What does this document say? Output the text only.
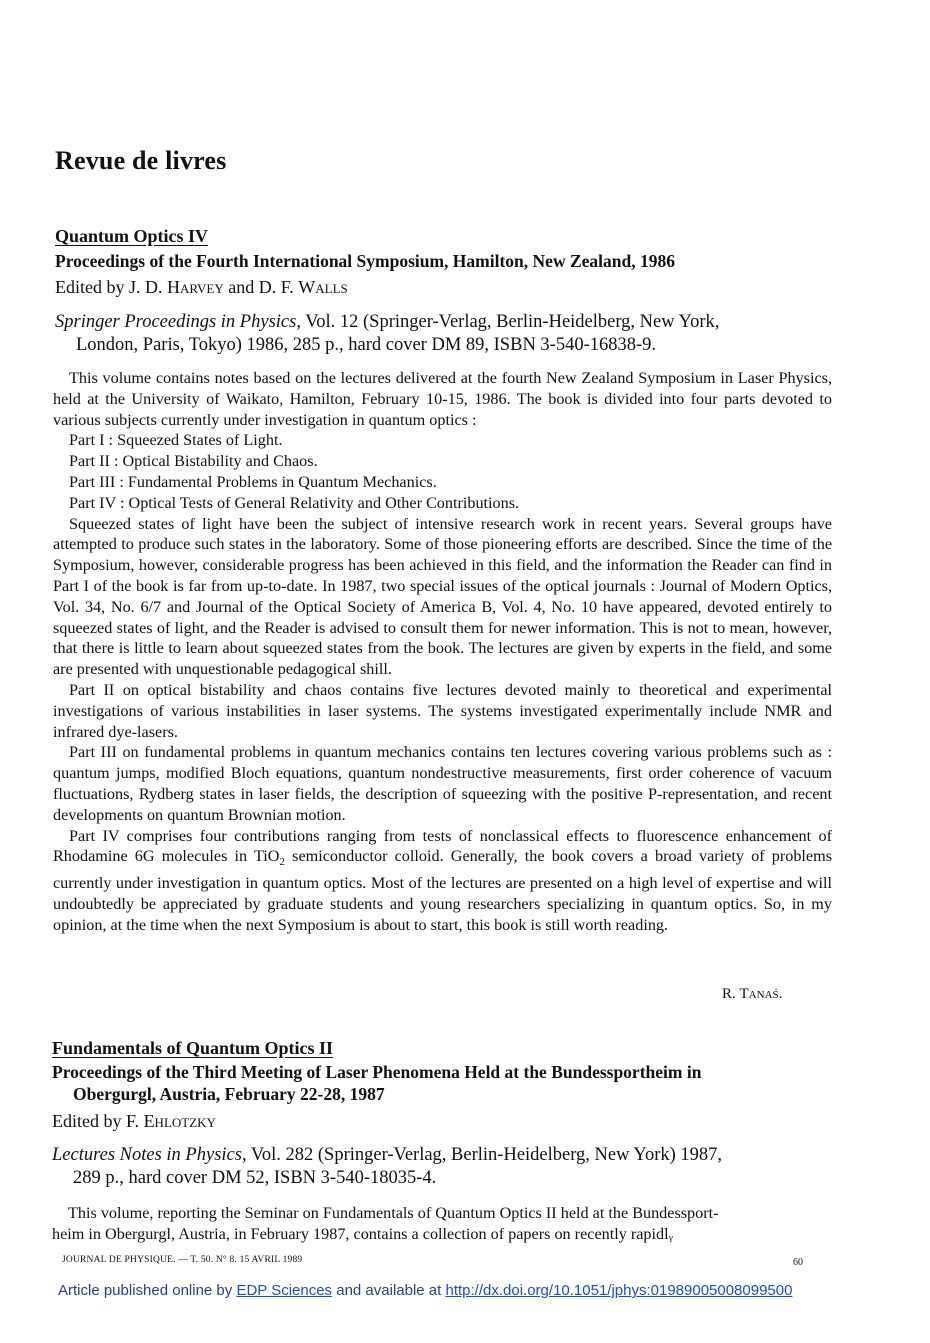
Revue de livres
Quantum Optics IV
Proceedings of the Fourth International Symposium, Hamilton, New Zealand, 1986
Edited by J. D. Harvey and D. F. Walls
Springer Proceedings in Physics, Vol. 12 (Springer-Verlag, Berlin-Heidelberg, New York,
London, Paris, Tokyo) 1986, 285 p., hard cover DM 89, ISBN 3-540-16838-9.

This volume contains notes based on the lectures delivered at the fourth New Zealand Symposium in Laser Physics, held at the University of Waikato, Hamilton, February 10-15, 1986. The book is divided into four parts devoted to various subjects currently under investigation in quantum optics :

Part I : Squeezed States of Light.

Part II : Optical Bistability and Chaos.

Part III : Fundamental Problems in Quantum Mechanics.

Part IV : Optical Tests of General Relativity and Other Contributions.

Squeezed states of light have been the subject of intensive research work in recent years. Several groups have attempted to produce such states in the laboratory. Some of those pioneering efforts are described. Since the time of the Symposium, however, considerable progress has been achieved in this field, and the information the Reader can find in Part I of the book is far from up-to-date. In 1987, two special issues of the optical journals : Journal of Modern Optics, Vol. 34, No. 6/7 and Journal of the Optical Society of America B, Vol. 4, No. 10 have appeared, devoted entirely to squeezed states of light, and the Reader is advised to consult them for newer information. This is not to mean, however, that there is little to learn about squeezed states from the book. The lectures are given by experts in the field, and some are presented with unquestionable pedagogical shill.

Part II on optical bistability and chaos contains five lectures devoted mainly to theoretical and experimental investigations of various instabilities in laser systems. The systems investigated experimentally include NMR and infrared dye-lasers.

Part III on fundamental problems in quantum mechanics contains ten lectures covering various problems such as : quantum jumps, modified Bloch equations, quantum nondestructive measurements, first order coherence of vacuum fluctuations, Rydberg states in laser fields, the description of squeezing with the positive P-representation, and recent developments on quantum Brownian motion.

Part IV comprises four contributions ranging from tests of nonclassical effects to fluorescence enhancement of Rhodamine 6G molecules in TiO$_2$ semiconductor colloid. Generally, the book covers a broad variety of problems currently under investigation in quantum optics. Most of the lectures are presented on a high level of expertise and will undoubtedly be appreciated by graduate students and young researchers specializing in quantum optics. So, in my opinion, at the time when the next Symposium is about to start, this book is still worth reading.

R. Tanaś.
Fundamentals of Quantum Optics II
Proceedings of the Third Meeting of Laser Phenomena Held at the Bundessportheim in
Obergurgl, Austria, February 22-28, 1987
Edited by F. Ehlotzky
Lectures Notes in Physics, Vol. 282 (Springer-Verlag, Berlin-Heidelberg, New York) 1987,
289 p., hard cover DM 52, ISBN 3-540-18035-4.
This volume, reporting the Seminar on Fundamentals of Quantum Optics II held at the Bundessport-
heim in Obergurgl, Austria, in February 1987, contains a collection of papers on recently rapidlᵧ
JOURNAL DE PHYSIQUE. — T. 50. N° 8. 15 AVRIL 1989	60
Article published online by EDP Sciences and available at http://dx.doi.org/10.1051/jphys:01989005008099500
